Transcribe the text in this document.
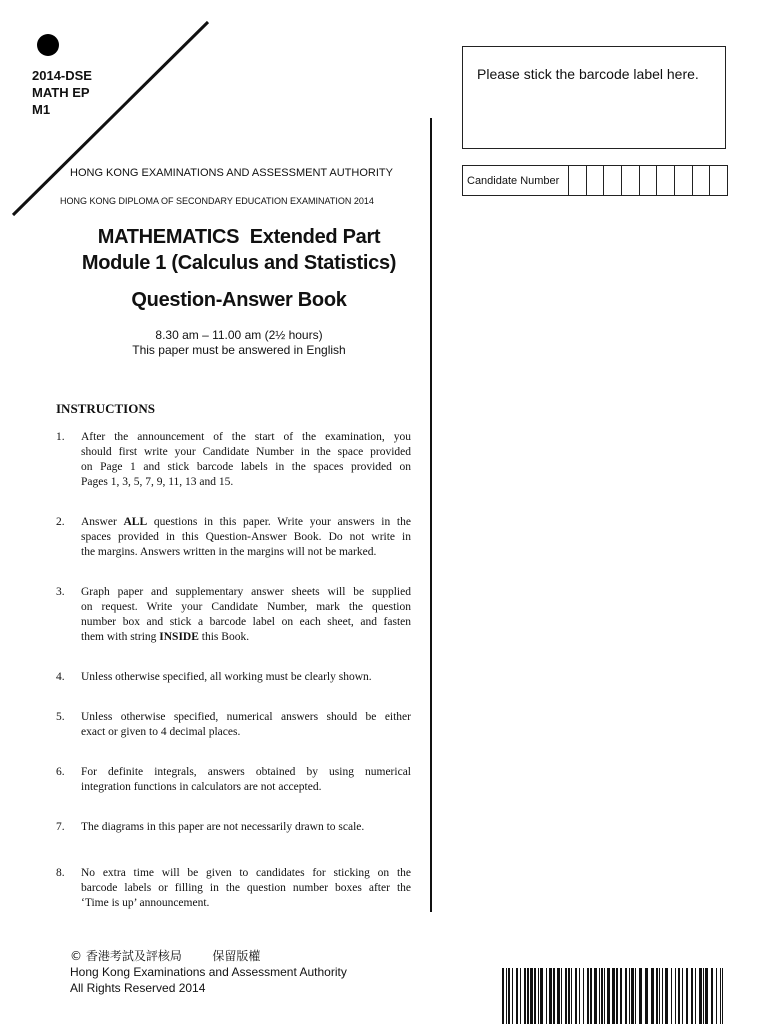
2014-DSE
MATH EP
M1
HONG KONG EXAMINATIONS AND ASSESSMENT AUTHORITY
HONG KONG DIPLOMA OF SECONDARY EDUCATION EXAMINATION 2014
MATHEMATICS  Extended Part
Module 1 (Calculus and Statistics)
Question-Answer Book
8.30 am – 11.00 am (2½ hours)
This paper must be answered in English
Please stick the barcode label here.
Candidate Number
INSTRUCTIONS
1. After the announcement of the start of the examination, you
should first write your Candidate Number in the space provided
on Page 1 and stick barcode labels in the spaces provided on
Pages 1, 3, 5, 7, 9, 11, 13 and 15.
2. Answer ALL questions in this paper. Write your answers in the
spaces provided in this Question-Answer Book. Do not write in
the margins. Answers written in the margins will not be marked.
3. Graph paper and supplementary answer sheets will be supplied
on request. Write your Candidate Number, mark the question
number box and stick a barcode label on each sheet, and fasten
them with string INSIDE this Book.
4. Unless otherwise specified, all working must be clearly shown.
5. Unless otherwise specified, numerical answers should be either
exact or given to 4 decimal places.
6. For definite integrals, answers obtained by using numerical
integration functions in calculators are not accepted.
7. The diagrams in this paper are not necessarily drawn to scale.
8. No extra time will be given to candidates for sticking on the
barcode labels or filling in the question number boxes after the
‘Time is up’ announcement.
© 香港考試及評核局        保留版權
Hong Kong Examinations and Assessment Authority
All Rights Reserved 2014
